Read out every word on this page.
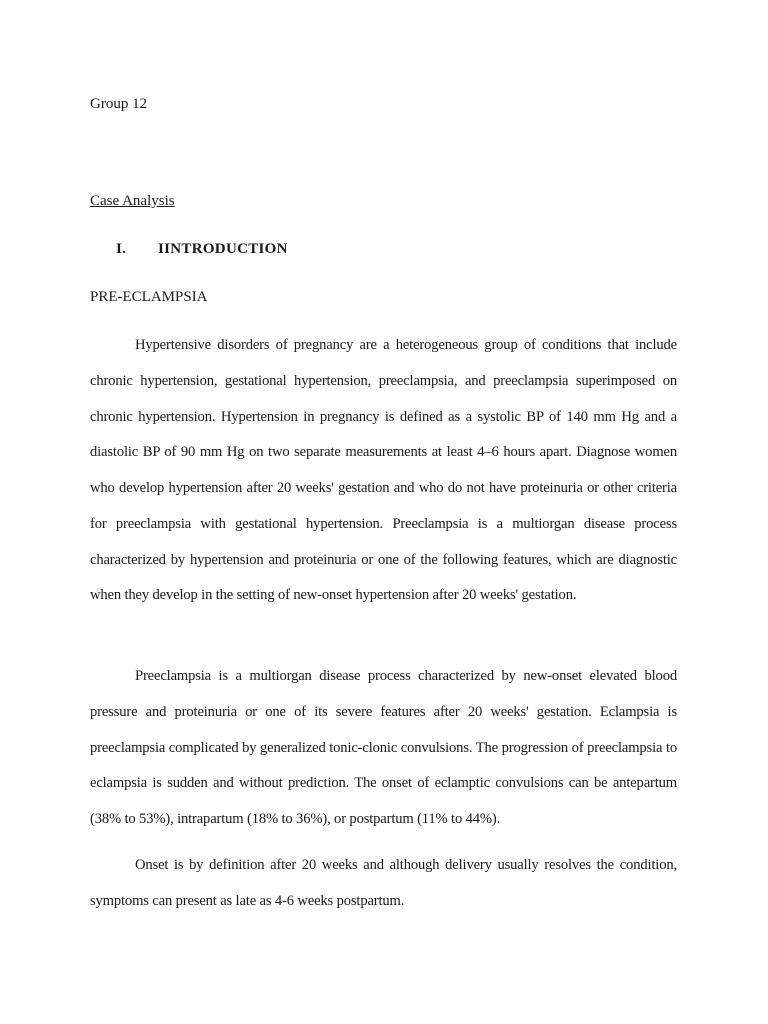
Group 12

Case Analysis

I.	IINTRODUCTION

PRE-ECLAMPSIA

Hypertensive disorders of pregnancy are a heterogeneous group of conditions that include chronic hypertension, gestational hypertension, preeclampsia, and preeclampsia superimposed on chronic hypertension. Hypertension in pregnancy is defined as a systolic BP of 140 mm Hg and a diastolic BP of 90 mm Hg on two separate measurements at least 4–6 hours apart. Diagnose women who develop hypertension after 20 weeks' gestation and who do not have proteinuria or other criteria for preeclampsia with gestational hypertension. Preeclampsia is a multiorgan disease process characterized by hypertension and proteinuria or one of the following features, which are diagnostic when they develop in the setting of new-onset hypertension after 20 weeks' gestation.

Preeclampsia is a multiorgan disease process characterized by new-onset elevated blood pressure and proteinuria or one of its severe features after 20 weeks' gestation. Eclampsia is preeclampsia complicated by generalized tonic-clonic convulsions. The progression of preeclampsia to eclampsia is sudden and without prediction. The onset of eclamptic convulsions can be antepartum (38% to 53%), intrapartum (18% to 36%), or postpartum (11% to 44%).

Onset is by definition after 20 weeks and although delivery usually resolves the condition, symptoms can present as late as 4-6 weeks postpartum.
